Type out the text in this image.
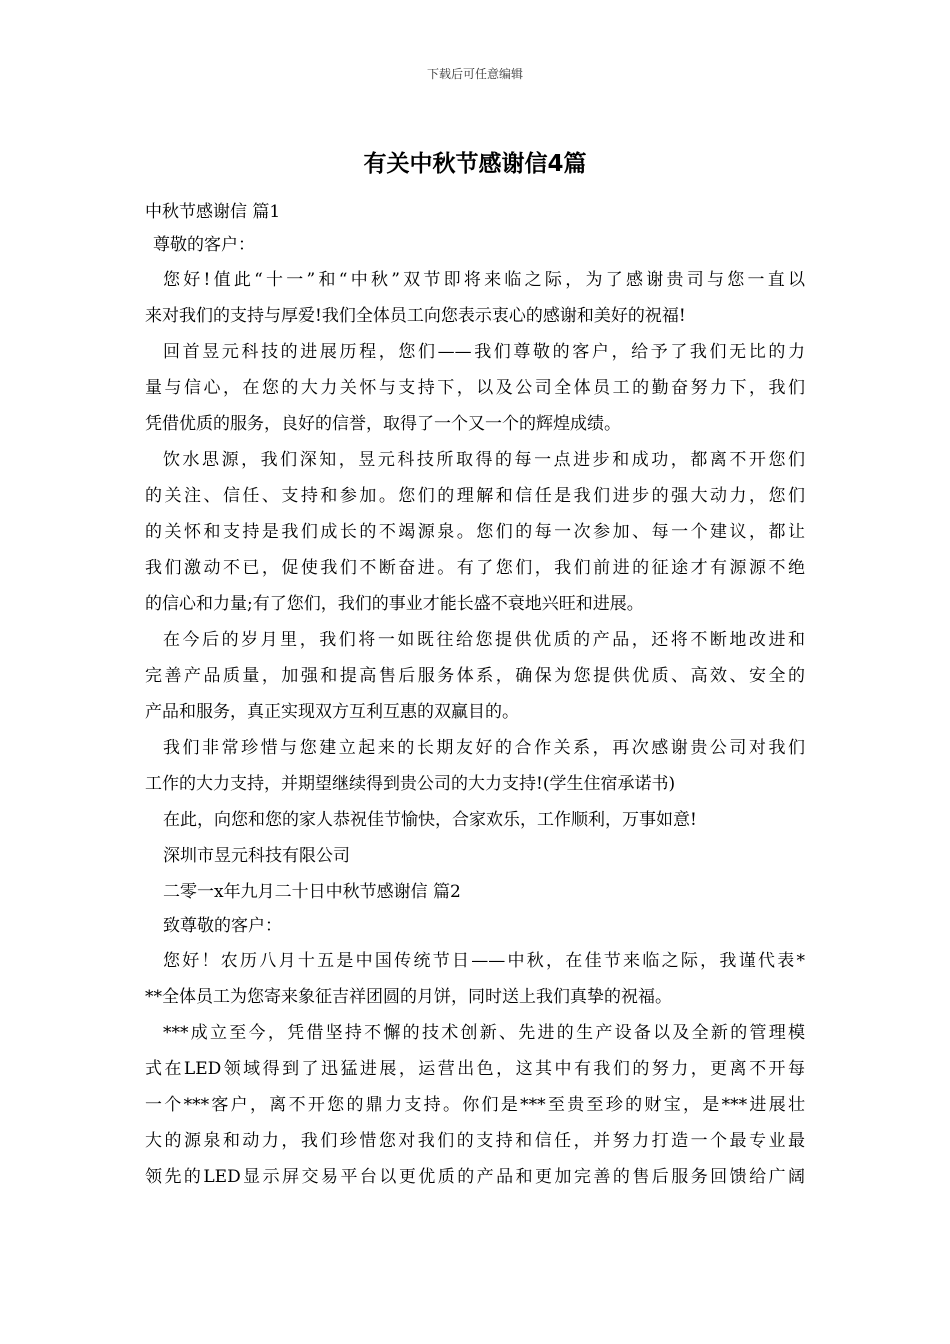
下载后可任意编辑
有关中秋节感谢信4篇
中秋节感谢信 篇1
尊敬的客户：
您好!值此“十一”和“中秋”双节即将来临之际，为了感谢贵司与您一直以
来对我们的支持与厚爱!我们全体员工向您表示衷心的感谢和美好的祝福!
回首昱元科技的进展历程，您们——我们尊敬的客户，给予了我们无比的力
量与信心，在您的大力关怀与支持下，以及公司全体员工的勤奋努力下，我们
凭借优质的服务，良好的信誉，取得了一个又一个的辉煌成绩。
饮水思源，我们深知，昱元科技所取得的每一点进步和成功，都离不开您们
的关注、信任、支持和参加。您们的理解和信任是我们进步的强大动力，您们
的关怀和支持是我们成长的不竭源泉。您们的每一次参加、每一个建议，都让
我们激动不已，促使我们不断奋进。有了您们，我们前进的征途才有源源不绝
的信心和力量;有了您们，我们的事业才能长盛不衰地兴旺和进展。
在今后的岁月里，我们将一如既往给您提供优质的产品，还将不断地改进和
完善产品质量，加强和提高售后服务体系，确保为您提供优质、高效、安全的
产品和服务，真正实现双方互利互惠的双赢目的。
我们非常珍惜与您建立起来的长期友好的合作关系，再次感谢贵公司对我们
工作的大力支持，并期望继续得到贵公司的大力支持!(学生住宿承诺书)
在此，向您和您的家人恭祝佳节愉快，合家欢乐，工作顺利，万事如意!
深圳市昱元科技有限公司
二零一x年九月二十日中秋节感谢信 篇2
致尊敬的客户：
您好！农历八月十五是中国传统节日——中秋，在佳节来临之际，我谨代表*
**全体员工为您寄来象征吉祥团圆的月饼，同时送上我们真挚的祝福。
***成立至今，凭借坚持不懈的技术创新、先进的生产设备以及全新的管理模
式在LED领域得到了迅猛进展，运营出色，这其中有我们的努力，更离不开每
一个***客户，离不开您的鼎力支持。你们是***至贵至珍的财宝，是***进展壮
大的源泉和动力，我们珍惜您对我们的支持和信任，并努力打造一个最专业最
领先的LED显示屏交易平台以更优质的产品和更加完善的售后服务回馈给广阔
